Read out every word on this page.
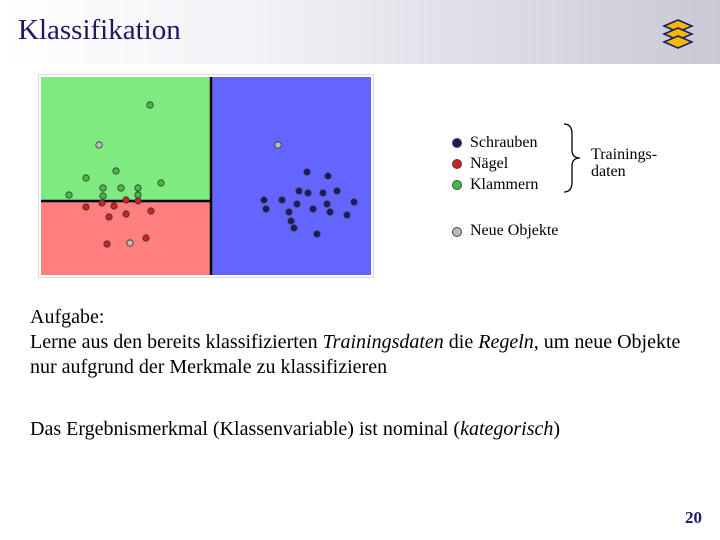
Klassifikation
Schrauben
Nägel
Klammern
Trainings-
daten
Neue Objekte

Aufgabe:

Lerne aus den bereits klassifizierten Trainingsdaten die Regeln, um neue Objekte nur aufgrund der Merkmale zu klassifizieren

Das Ergebnismerkmal (Klassenvariable) ist nominal (kategorisch)
20
